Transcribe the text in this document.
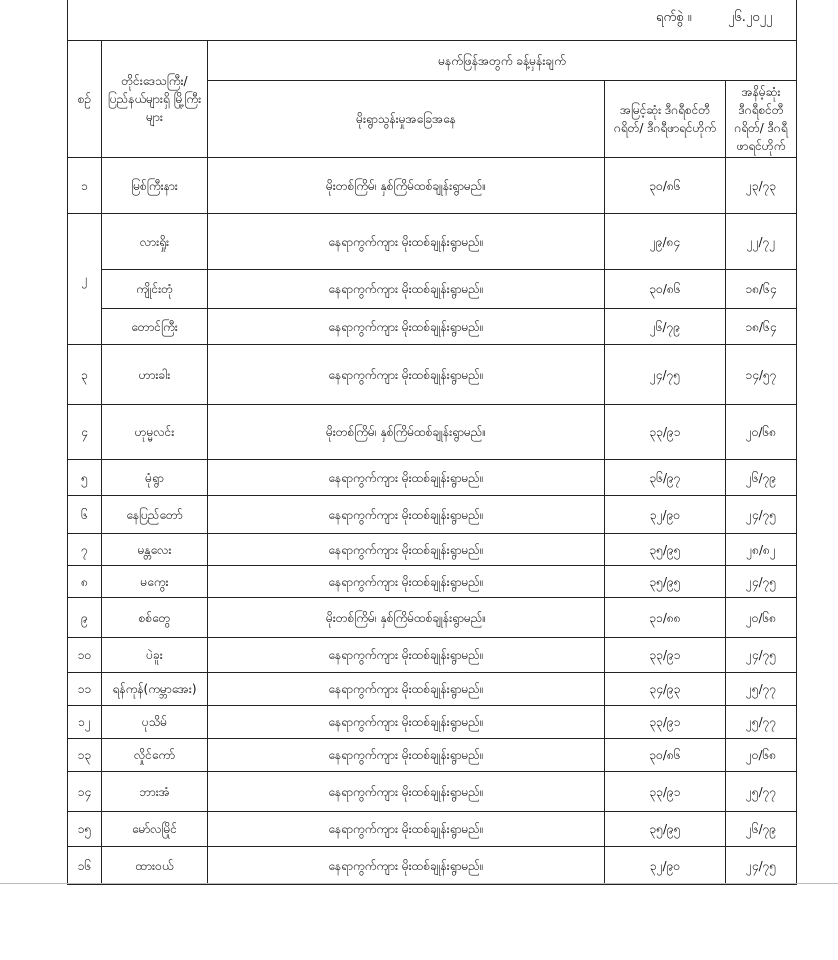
ရက်စွဲ ။	၂၆.၂၀၂၂
စဉ်	တိုင်းဒေသကြီး/ ပြည်နယ်များရှိ မြို့ကြီးများ	မနက်ဖြန်အတွက် ခန့်မှန်းချက်		
		မိုးရွာသွန်းမှုအခြေအနေ	အမြင့်ဆုံး ဒီဂရီစင်တီဂရိတ်/ ဒီဂရီဖာရင်ဟိုက်	အနိမ့်ဆုံး ဒီဂရီစင်တီဂရိတ်/ ဒီဂရီဖာရင်ဟိုက်
၁	မြစ်ကြီးနား	မိုးတစ်ကြိမ်၊ နှစ်ကြိမ်ထစ်ချုန်းရွာမည်။	၃၀/၈၆	၂၃/၇၃
၂	လားရှိုး	နေရာကွက်ကျား မိုးထစ်ချုန်းရွာမည်။	၂၉/၈၄	၂၂/၇၂
	ကျိုင်းတုံ	နေရာကွက်ကျား မိုးထစ်ချုန်းရွာမည်။	၃၀/၈၆	၁၈/၆၄
	တောင်ကြီး	နေရာကွက်ကျား မိုးထစ်ချုန်းရွာမည်။	၂၆/၇၉	၁၈/၆၄
၃	ဟားခါး	နေရာကွက်ကျား မိုးထစ်ချုန်းရွာမည်။	၂၄/၇၅	၁၄/၅၇
၄	ဟုမ္မလင်း	မိုးတစ်ကြိမ်၊ နှစ်ကြိမ်ထစ်ချုန်းရွာမည်။	၃၃/၉၁	၂၀/၆၈
၅	မုံရွာ	နေရာကွက်ကျား မိုးထစ်ချုန်းရွာမည်။	၃၆/၉၇	၂၆/၇၉
၆	နေပြည်တော်	နေရာကွက်ကျား မိုးထစ်ချုန်းရွာမည်။	၃၂/၉၀	၂၄/၇၅
၇	မန္တလေး	နေရာကွက်ကျား မိုးထစ်ချုန်းရွာမည်။	၃၅/၉၅	၂၈/၈၂
၈	မကွေး	နေရာကွက်ကျား မိုးထစ်ချုန်းရွာမည်။	၃၅/၉၅	၂၄/၇၅
၉	စစ်တွေ	မိုးတစ်ကြိမ်၊ နှစ်ကြိမ်ထစ်ချုန်းရွာမည်။	၃၁/၈၈	၂၀/၆၈
၁၀	ပဲခူး	နေရာကွက်ကျား မိုးထစ်ချုန်းရွာမည်။	၃၃/၉၁	၂၄/၇၅
၁၁	ရန်ကုန်(ကမ္ဘာအေး)	နေရာကွက်ကျား မိုးထစ်ချုန်းရွာမည်။	၃၄/၉၃	၂၅/၇၇
၁၂	ပုသိမ်	နေရာကွက်ကျား မိုးထစ်ချုန်းရွာမည်။	၃၃/၉၁	၂၅/၇၇
၁၃	လှိုင်ကော်	နေရာကွက်ကျား မိုးထစ်ချုန်းရွာမည်။	၃၀/၈၆	၂၀/၆၈
၁၄	ဘားအံ	နေရာကွက်ကျား မိုးထစ်ချုန်းရွာမည်။	၃၃/၉၁	၂၅/၇၇
၁၅	မော်လမြိုင်	နေရာကွက်ကျား မိုးထစ်ချုန်းရွာမည်။	၃၅/၉၅	၂၆/၇၉
၁၆	ထားဝယ်	နေရာကွက်ကျား မိုးထစ်ချုန်းရွာမည်။	၃၂/၉၀	၂၄/၇၅
